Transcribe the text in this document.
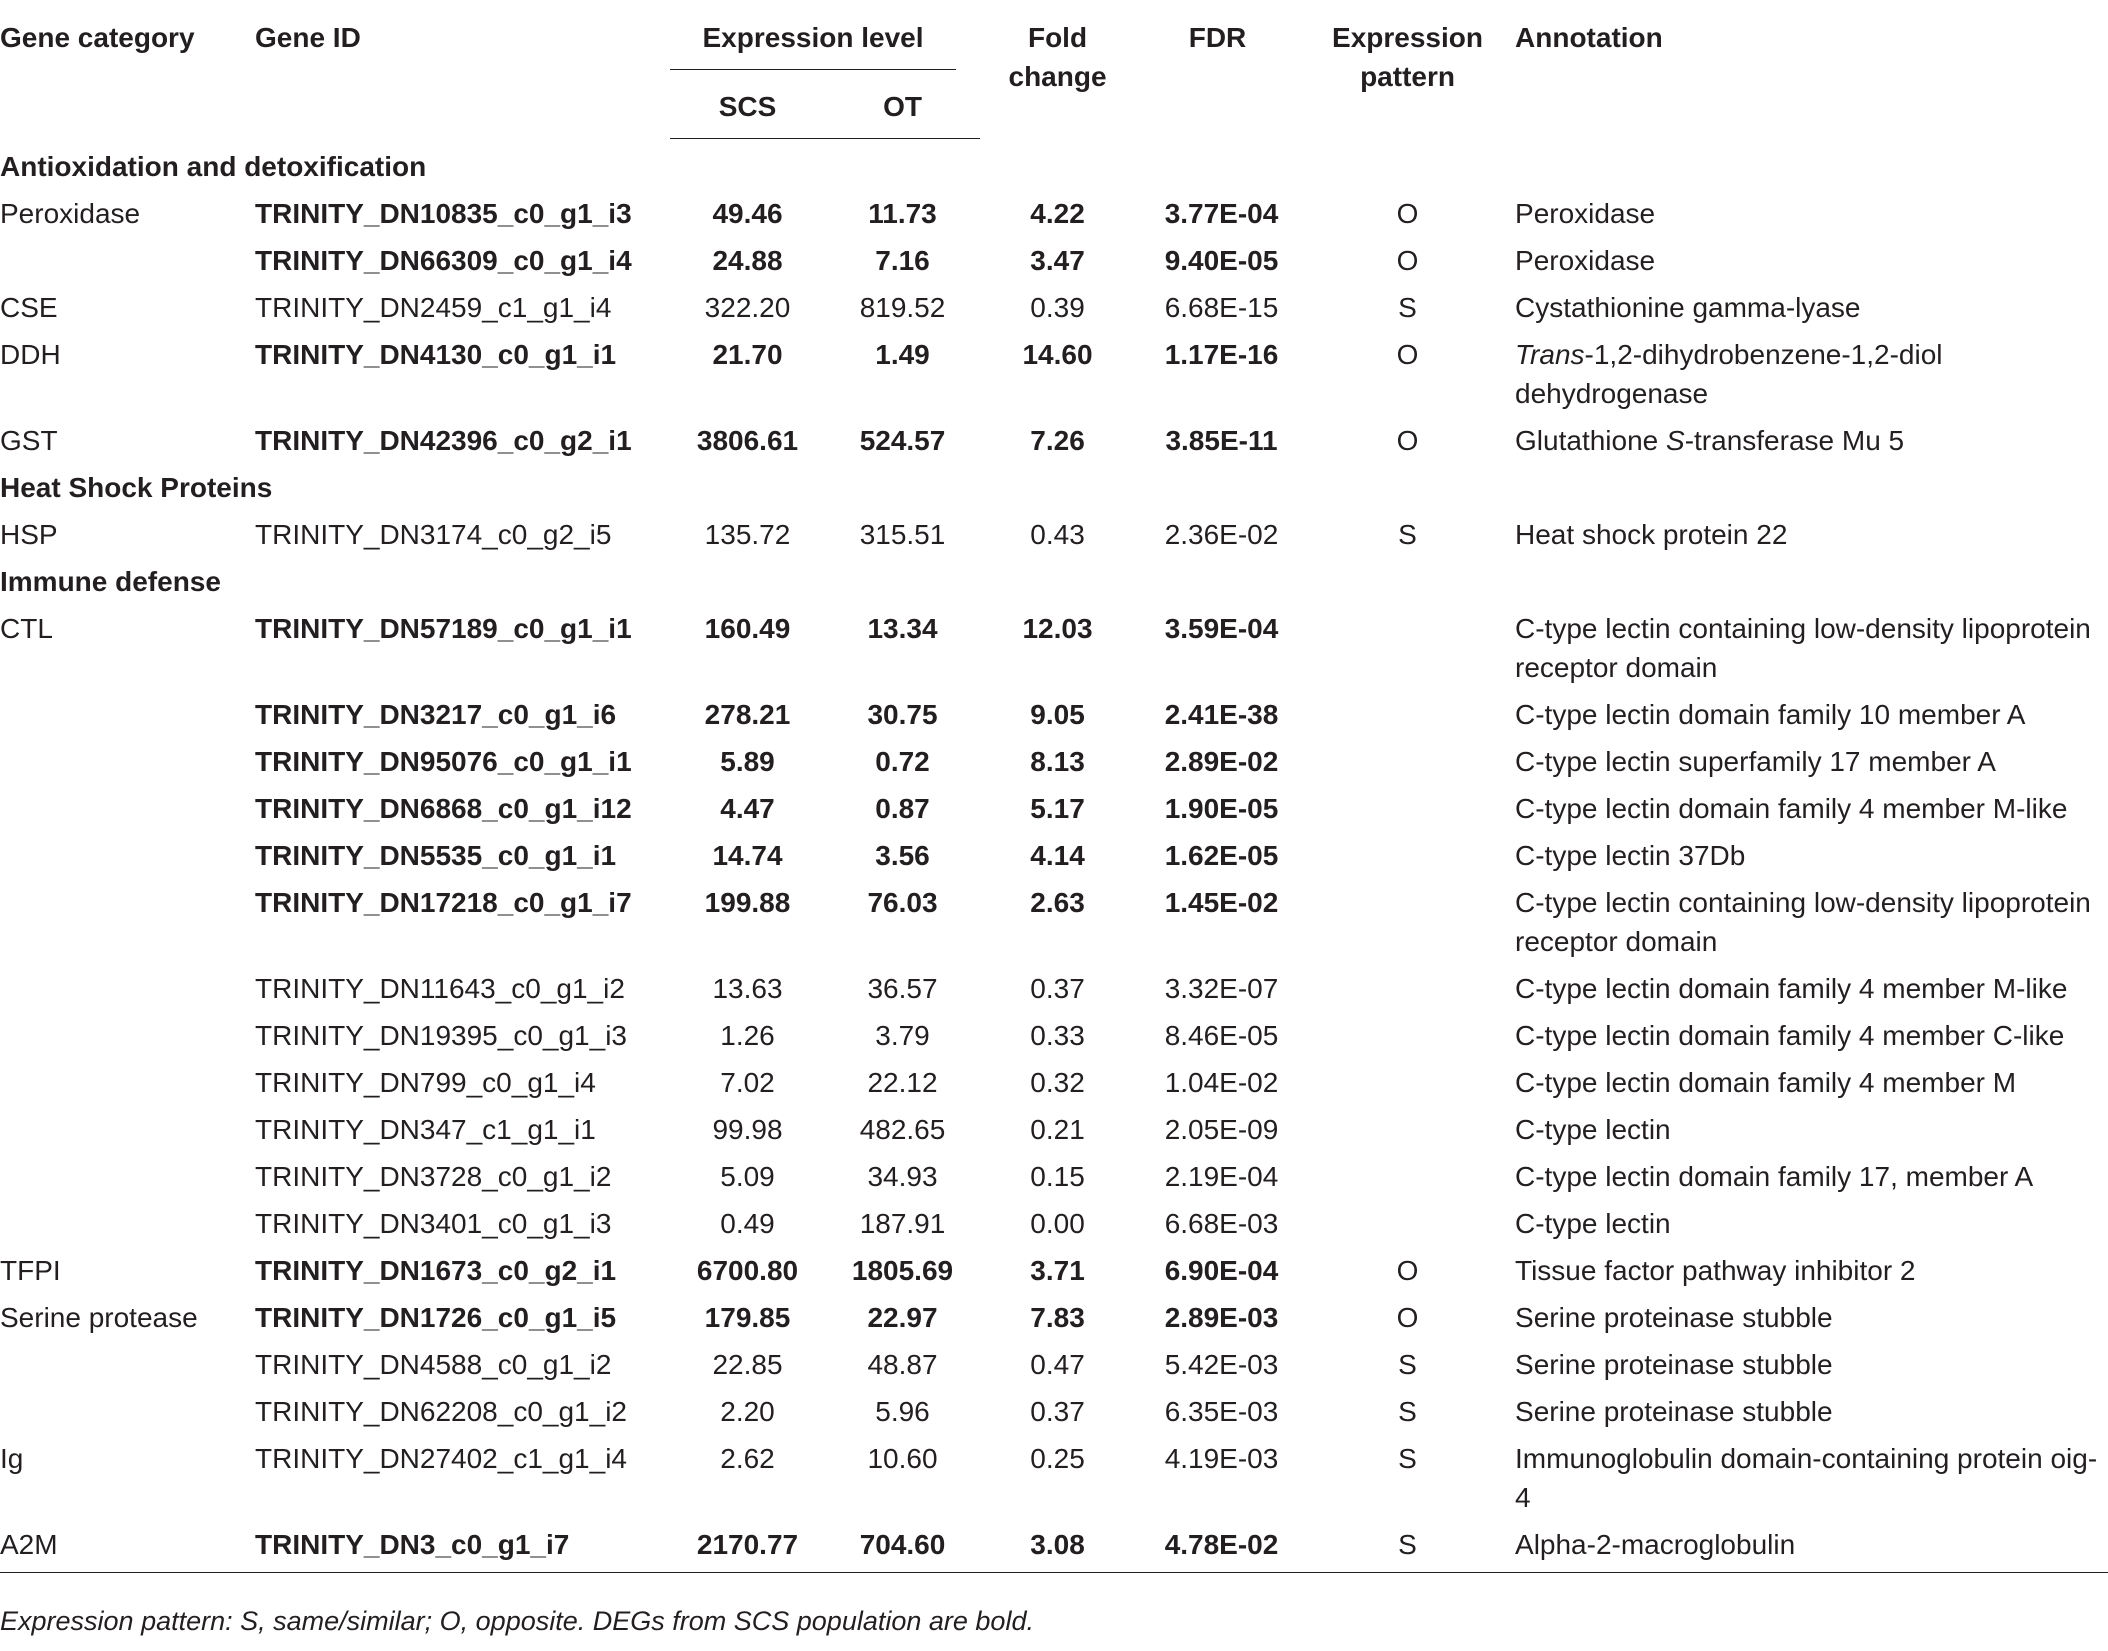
Gene category	Gene ID	Expression level		Fold change	FDR	Expression pattern	Annotation
		SCS	OT				
Antioxidation and detoxification							
Peroxidase	TRINITY_DN10835_c0_g1_i3	49.46	11.73	4.22	3.77E-04	O	Peroxidase
	TRINITY_DN66309_c0_g1_i4	24.88	7.16	3.47	9.40E-05	O	Peroxidase
CSE	TRINITY_DN2459_c1_g1_i4	322.20	819.52	0.39	6.68E-15	S	Cystathionine gamma-lyase
DDH	TRINITY_DN4130_c0_g1_i1	21.70	1.49	14.60	1.17E-16	O	Trans-1,2-dihydrobenzene-1,2-diol dehydrogenase
GST	TRINITY_DN42396_c0_g2_i1	3806.61	524.57	7.26	3.85E-11	O	Glutathione S-transferase Mu 5
Heat Shock Proteins							
HSP	TRINITY_DN3174_c0_g2_i5	135.72	315.51	0.43	2.36E-02	S	Heat shock protein 22
Immune defense							
CTL	TRINITY_DN57189_c0_g1_i1	160.49	13.34	12.03	3.59E-04		C-type lectin containing low-density lipoprotein receptor domain
	TRINITY_DN3217_c0_g1_i6	278.21	30.75	9.05	2.41E-38		C-type lectin domain family 10 member A
	TRINITY_DN95076_c0_g1_i1	5.89	0.72	8.13	2.89E-02		C-type lectin superfamily 17 member A
	TRINITY_DN6868_c0_g1_i12	4.47	0.87	5.17	1.90E-05		C-type lectin domain family 4 member M-like
	TRINITY_DN5535_c0_g1_i1	14.74	3.56	4.14	1.62E-05		C-type lectin 37Db
	TRINITY_DN17218_c0_g1_i7	199.88	76.03	2.63	1.45E-02		C-type lectin containing low-density lipoprotein receptor domain
	TRINITY_DN11643_c0_g1_i2	13.63	36.57	0.37	3.32E-07		C-type lectin domain family 4 member M-like
	TRINITY_DN19395_c0_g1_i3	1.26	3.79	0.33	8.46E-05		C-type lectin domain family 4 member C-like
	TRINITY_DN799_c0_g1_i4	7.02	22.12	0.32	1.04E-02		C-type lectin domain family 4 member M
	TRINITY_DN347_c1_g1_i1	99.98	482.65	0.21	2.05E-09		C-type lectin
	TRINITY_DN3728_c0_g1_i2	5.09	34.93	0.15	2.19E-04		C-type lectin domain family 17, member A
	TRINITY_DN3401_c0_g1_i3	0.49	187.91	0.00	6.68E-03		C-type lectin
TFPI	TRINITY_DN1673_c0_g2_i1	6700.80	1805.69	3.71	6.90E-04	O	Tissue factor pathway inhibitor 2
Serine protease	TRINITY_DN1726_c0_g1_i5	179.85	22.97	7.83	2.89E-03	O	Serine proteinase stubble
	TRINITY_DN4588_c0_g1_i2	22.85	48.87	0.47	5.42E-03	S	Serine proteinase stubble
	TRINITY_DN62208_c0_g1_i2	2.20	5.96	0.37	6.35E-03	S	Serine proteinase stubble
Ig	TRINITY_DN27402_c1_g1_i4	2.62	10.60	0.25	4.19E-03	S	Immunoglobulin domain-containing protein oig-4
A2M	TRINITY_DN3_c0_g1_i7	2170.77	704.60	3.08	4.78E-02	S	Alpha-2-macroglobulin
Expression pattern: S, same/similar; O, opposite. DEGs from SCS population are bold.
